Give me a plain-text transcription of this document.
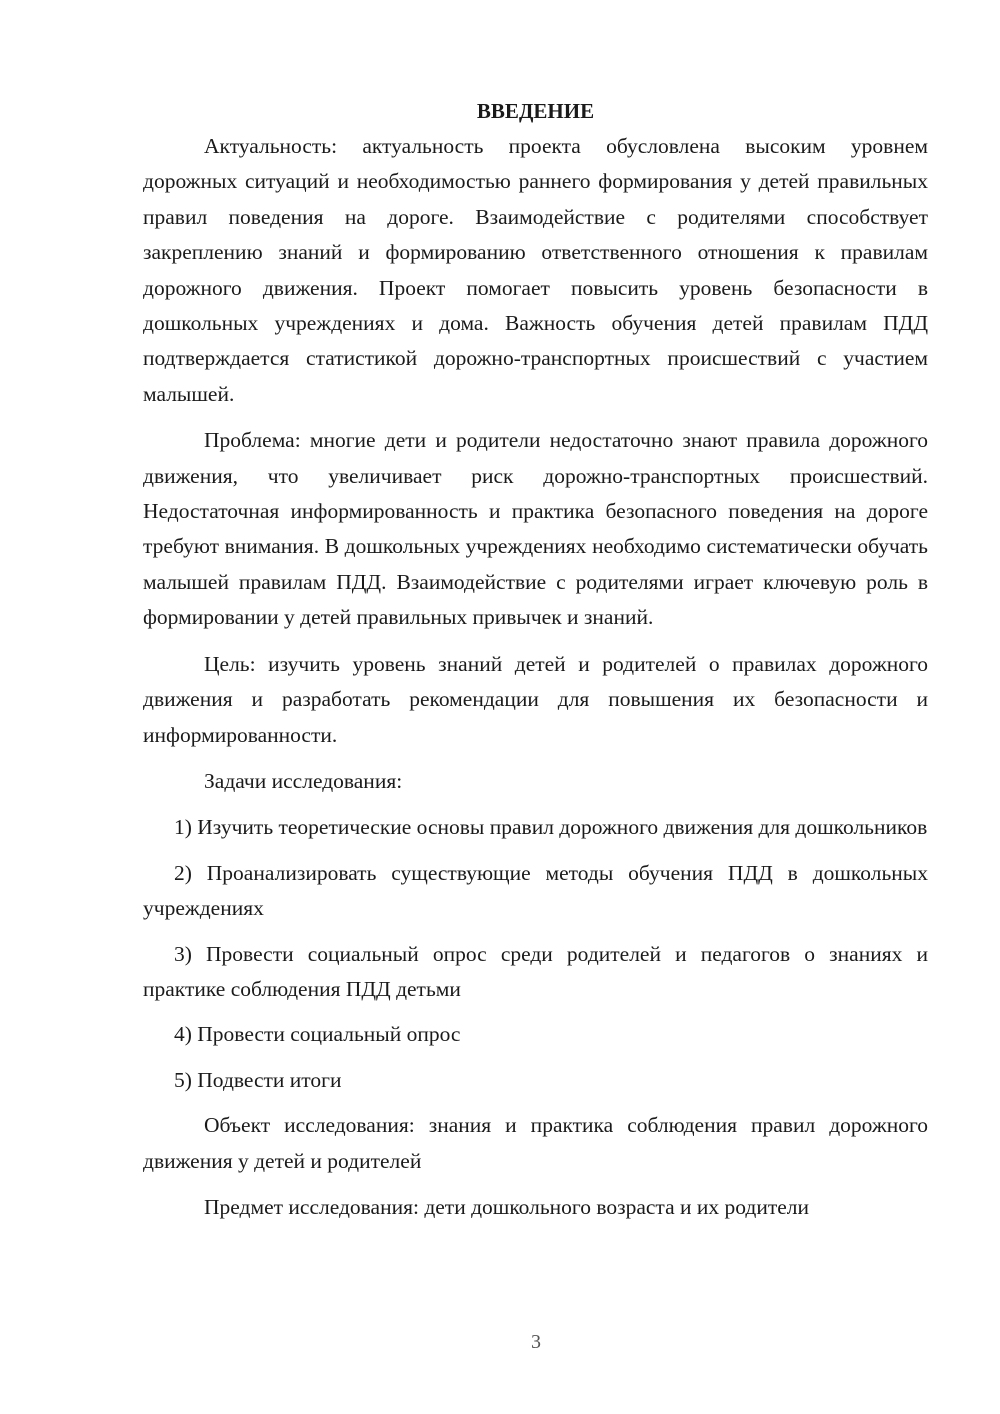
ВВЕДЕНИЕ

Актуальность: актуальность проекта обусловлена высоким уровнем дорожных ситуаций и необходимостью раннего формирования у детей правильных правил поведения на дороге. Взаимодействие с родителями способствует закреплению знаний и формированию ответственного отношения к правилам дорожного движения. Проект помогает повысить уровень безопасности в дошкольных учреждениях и дома. Важность обучения детей правилам ПДД подтверждается статистикой дорожно-транспортных происшествий с участием малышей.

Проблема: многие дети и родители недостаточно знают правила дорожного движения, что увеличивает риск дорожно-транспортных происшествий. Недостаточная информированность и практика безопасного поведения на дороге требуют внимания. В дошкольных учреждениях необходимо систематически обучать малышей правилам ПДД. Взаимодействие с родителями играет ключевую роль в формировании у детей правильных привычек и знаний.

Цель: изучить уровень знаний детей и родителей о правилах дорожного движения и разработать рекомендации для повышения их безопасности и информированности.

Задачи исследования:

1) Изучить теоретические основы правил дорожного движения для дошкольников

2) Проанализировать существующие методы обучения ПДД в дошкольных учреждениях

3) Провести социальный опрос среди родителей и педагогов о знаниях и практике соблюдения ПДД детьми

4) Провести социальный опрос

5) Подвести итоги

Объект исследования: знания и практика соблюдения правил дорожного движения у детей и родителей

Предмет исследования: дети дошкольного возраста и их родители

3
